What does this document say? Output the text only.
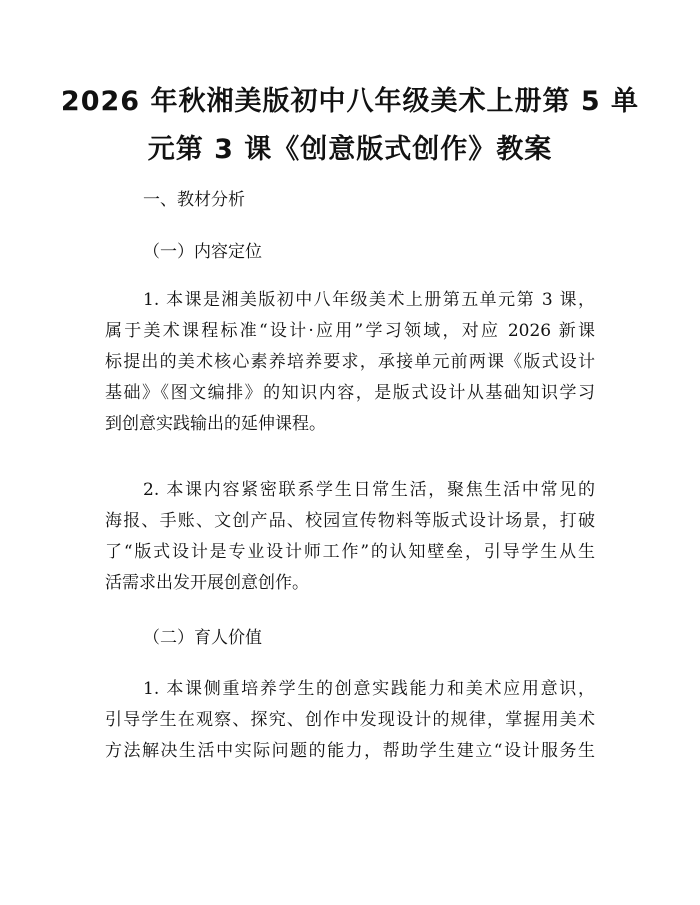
2026 年秋湘美版初中八年级美术上册第 5 单
元第 3 课《创意版式创作》教案
一、教材分析
（一）内容定位
1. 本课是湘美版初中八年级美术上册第五单元第 3 课，
属于美术课程标准“设计·应用”学习领域，对应 2026 新课
标提出的美术核心素养培养要求，承接单元前两课《版式设计
基础》《图文编排》的知识内容，是版式设计从基础知识学习
到创意实践输出的延伸课程。
2. 本课内容紧密联系学生日常生活，聚焦生活中常见的
海报、手账、文创产品、校园宣传物料等版式设计场景，打破
了“版式设计是专业设计师工作”的认知壁垒，引导学生从生
活需求出发开展创意创作。
（二）育人价值
1. 本课侧重培养学生的创意实践能力和美术应用意识，
引导学生在观察、探究、创作中发现设计的规律，掌握用美术
方法解决生活中实际问题的能力，帮助学生建立“设计服务生
